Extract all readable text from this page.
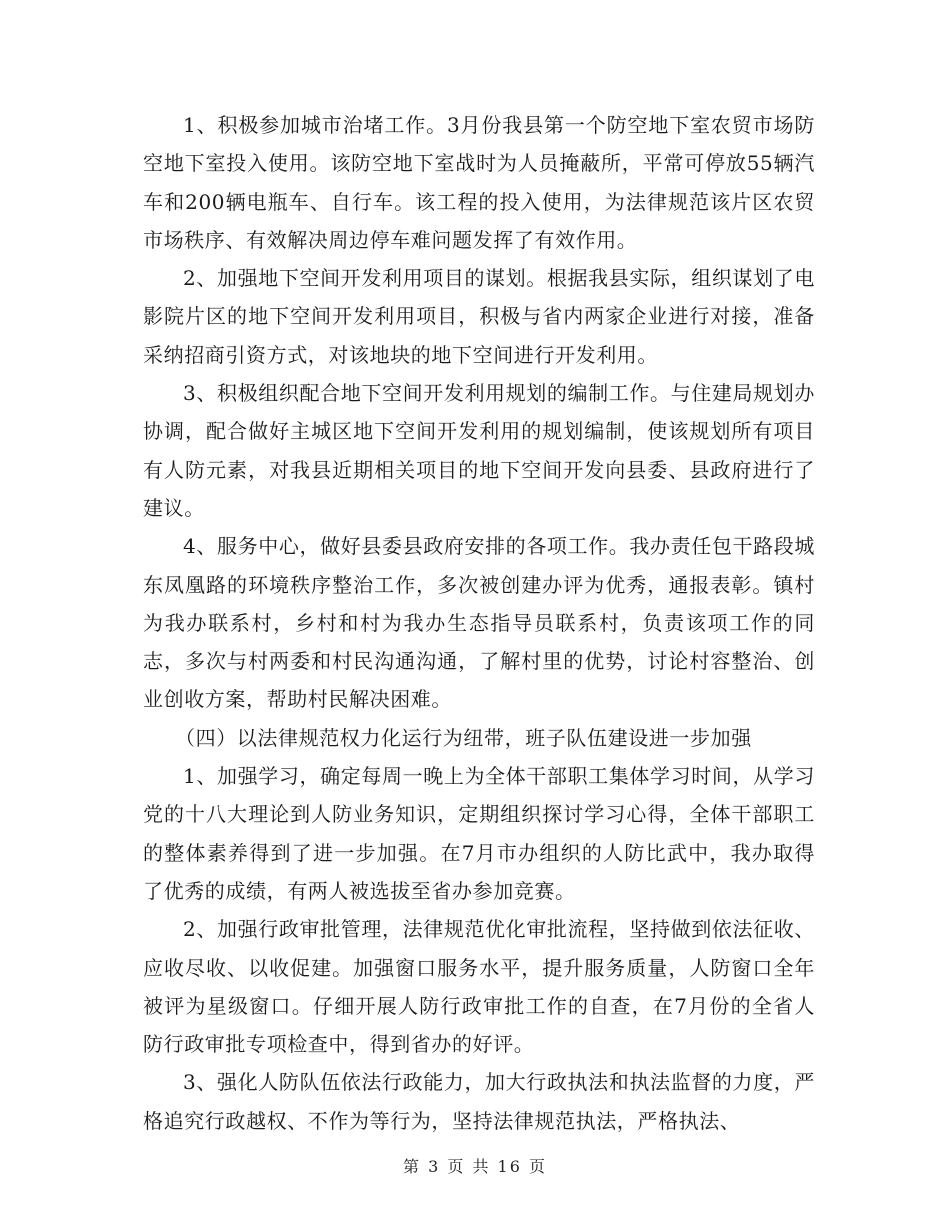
1、积极参加城市治堵工作。3月份我县第一个防空地下室农贸市场防空地下室投入使用。该防空地下室战时为人员掩蔽所，平常可停放55辆汽车和200辆电瓶车、自行车。该工程的投入使用，为法律规范该片区农贸市场秩序、有效解决周边停车难问题发挥了有效作用。

2、加强地下空间开发利用项目的谋划。根据我县实际，组织谋划了电影院片区的地下空间开发利用项目，积极与省内两家企业进行对接，准备采纳招商引资方式，对该地块的地下空间进行开发利用。

3、积极组织配合地下空间开发利用规划的编制工作。与住建局规划办协调，配合做好主城区地下空间开发利用的规划编制，使该规划所有项目有人防元素，对我县近期相关项目的地下空间开发向县委、县政府进行了建议。

4、服务中心，做好县委县政府安排的各项工作。我办责任包干路段城东凤凰路的环境秩序整治工作，多次被创建办评为优秀，通报表彰。镇村为我办联系村，乡村和村为我办生态指导员联系村，负责该项工作的同志，多次与村两委和村民沟通沟通，了解村里的优势，讨论村容整治、创业创收方案，帮助村民解决困难。

（四）以法律规范权力化运行为纽带，班子队伍建设进一步加强

1、加强学习，确定每周一晚上为全体干部职工集体学习时间，从学习党的十八大理论到人防业务知识，定期组织探讨学习心得，全体干部职工的整体素养得到了进一步加强。在7月市办组织的人防比武中，我办取得了优秀的成绩，有两人被选拔至省办参加竞赛。

2、加强行政审批管理，法律规范优化审批流程，坚持做到依法征收、应收尽收、以收促建。加强窗口服务水平，提升服务质量，人防窗口全年被评为星级窗口。仔细开展人防行政审批工作的自查，在7月份的全省人防行政审批专项检查中，得到省办的好评。

3、强化人防队伍依法行政能力，加大行政执法和执法监督的力度，严格追究行政越权、不作为等行为，坚持法律规范执法，严格执法、

第 3 页 共 16 页
